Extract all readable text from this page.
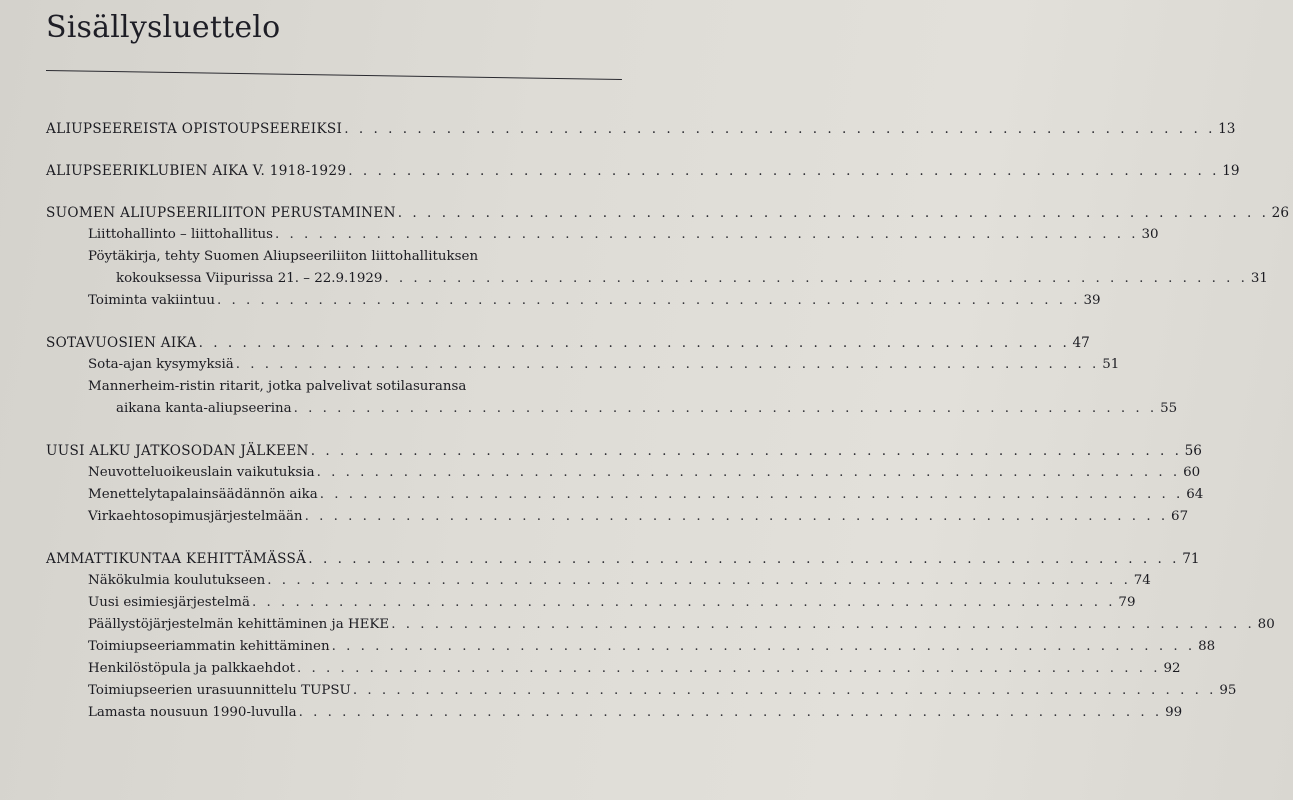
Sisällysluettelo
ALIUPSEEREISTA OPISTOUPSEEREIKSI . . . . . . . . . . . . . . . . . . . . . . . . . . . . . . . . . . . . . . . . . . . . . . . . . . . . . . . . . . . . 13
ALIUPSEERIKLUBIEN AIKA V. 1918-1929 . . . . . . . . . . . . . . . . . . . . . . . . . . . . . . . . . . . . . . . . . . . . . . . . . . . . . . . . . . . . 19
SUOMEN ALIUPSEERILIITON PERUSTAMINEN . . . . . . . . . . . . . . . . . . . . . . . . . . . . . . . . . . . . . . . . . . . . . . . . . . . . . . . . . . . . 26
Liittohallinto – liittohallitus . . . . . . . . . . . . . . . . . . . . . . . . . . . . . . . . . . . . . . . . . . . . . . . . . . . . . . . . . . . . 30
Pöytäkirja, tehty Suomen Aliupseeriliiton liittohallituksen
kokouksessa Viipurissa 21. – 22.9.1929 . . . . . . . . . . . . . . . . . . . . . . . . . . . . . . . . . . . . . . . . . . . . . . . . . . . . . . . . . . . . 31
Toiminta vakiintuu . . . . . . . . . . . . . . . . . . . . . . . . . . . . . . . . . . . . . . . . . . . . . . . . . . . . . . . . . . . . 39
SOTAVUOSIEN AIKA . . . . . . . . . . . . . . . . . . . . . . . . . . . . . . . . . . . . . . . . . . . . . . . . . . . . . . . . . . . . 47
Sota-ajan kysymyksiä . . . . . . . . . . . . . . . . . . . . . . . . . . . . . . . . . . . . . . . . . . . . . . . . . . . . . . . . . . . . 51
Mannerheim-ristin ritarit, jotka palvelivat sotilasuransa
aikana kanta-aliupseerina . . . . . . . . . . . . . . . . . . . . . . . . . . . . . . . . . . . . . . . . . . . . . . . . . . . . . . . . . . . . 55
UUSI ALKU JATKOSODAN JÄLKEEN . . . . . . . . . . . . . . . . . . . . . . . . . . . . . . . . . . . . . . . . . . . . . . . . . . . . . . . . . . . . 56
Neuvotteluoikeuslain vaikutuksia . . . . . . . . . . . . . . . . . . . . . . . . . . . . . . . . . . . . . . . . . . . . . . . . . . . . . . . . . . . . 60
Menettelytapalainsäädännön aika . . . . . . . . . . . . . . . . . . . . . . . . . . . . . . . . . . . . . . . . . . . . . . . . . . . . . . . . . . . . 64
Virkaehtosopimusjärjestelmään . . . . . . . . . . . . . . . . . . . . . . . . . . . . . . . . . . . . . . . . . . . . . . . . . . . . . . . . . . . . 67
AMMATTIKUNTAA KEHITTÄMÄSSÄ . . . . . . . . . . . . . . . . . . . . . . . . . . . . . . . . . . . . . . . . . . . . . . . . . . . . . . . . . . . . 71
Näkökulmia koulutukseen . . . . . . . . . . . . . . . . . . . . . . . . . . . . . . . . . . . . . . . . . . . . . . . . . . . . . . . . . . . . 74
Uusi esimiesjärjestelmä . . . . . . . . . . . . . . . . . . . . . . . . . . . . . . . . . . . . . . . . . . . . . . . . . . . . . . . . . . . . 79
Päällystöjärjestelmän kehittäminen ja HEKE . . . . . . . . . . . . . . . . . . . . . . . . . . . . . . . . . . . . . . . . . . . . . . . . . . . . . . . . . . . . 80
Toimiupseeriammatin kehittäminen . . . . . . . . . . . . . . . . . . . . . . . . . . . . . . . . . . . . . . . . . . . . . . . . . . . . . . . . . . . . 88
Henkilöstöpula ja palkkaehdot . . . . . . . . . . . . . . . . . . . . . . . . . . . . . . . . . . . . . . . . . . . . . . . . . . . . . . . . . . . . 92
Toimiupseerien urasuunnittelu TUPSU . . . . . . . . . . . . . . . . . . . . . . . . . . . . . . . . . . . . . . . . . . . . . . . . . . . . . . . . . . . . 95
Lamasta nousuun 1990-luvulla . . . . . . . . . . . . . . . . . . . . . . . . . . . . . . . . . . . . . . . . . . . . . . . . . . . . . . . . . . . . 99
